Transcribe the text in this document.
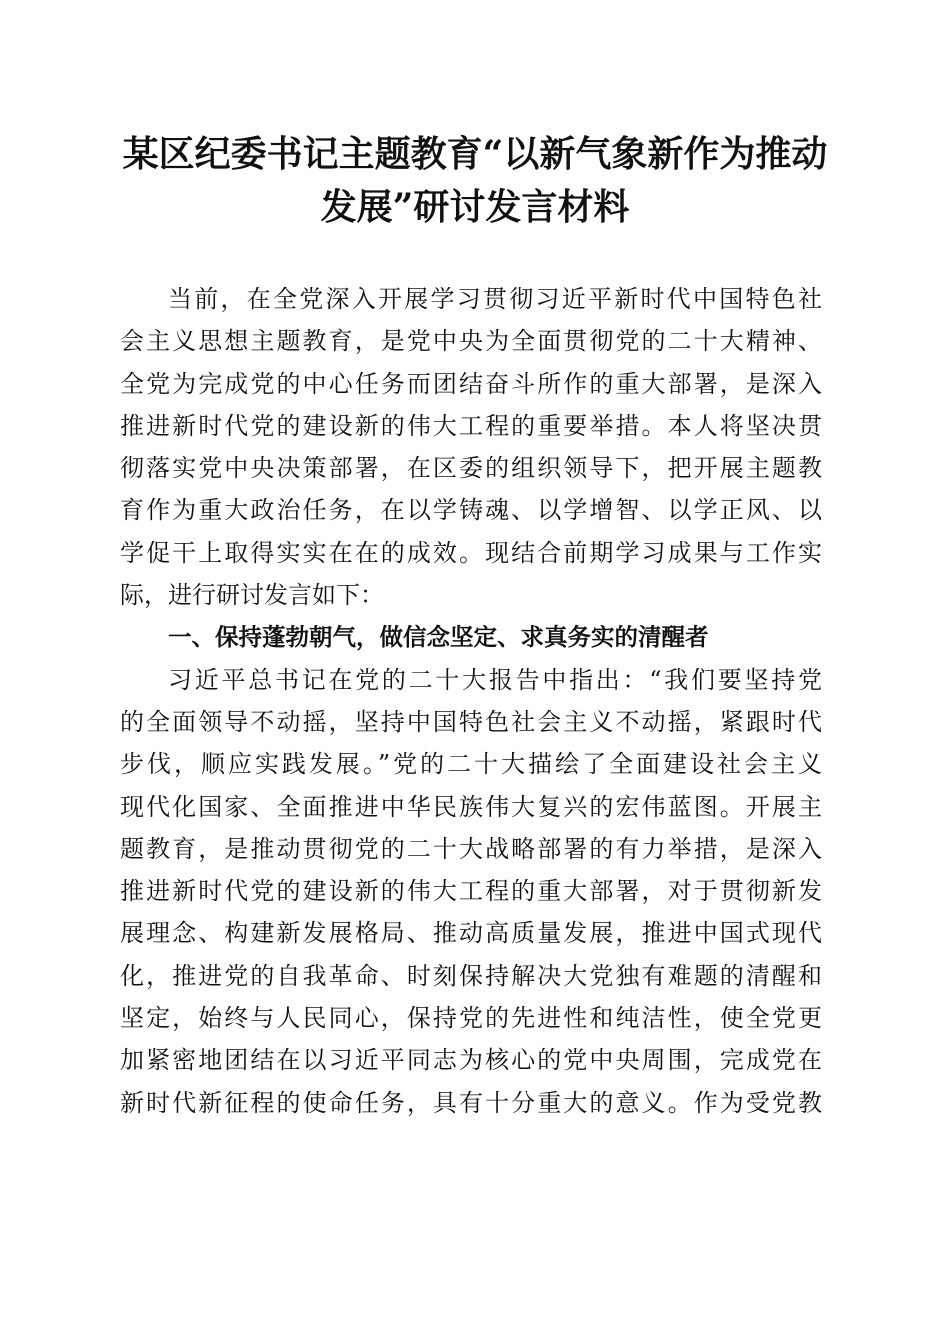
某区纪委书记主题教育“以新气象新作为推动
发展”研讨发言材料
当前，在全党深入开展学习贯彻习近平新时代中国特色社
会主义思想主题教育，是党中央为全面贯彻党的二十大精神、
全党为完成党的中心任务而团结奋斗所作的重大部署，是深入
推进新时代党的建设新的伟大工程的重要举措。本人将坚决贯
彻落实党中央决策部署，在区委的组织领导下，把开展主题教
育作为重大政治任务，在以学铸魂、以学增智、以学正风、以
学促干上取得实实在在的成效。现结合前期学习成果与工作实
际，进行研讨发言如下：
一、保持蓬勃朝气，做信念坚定、求真务实的清醒者
习近平总书记在党的二十大报告中指出：“我们要坚持党
的全面领导不动摇，坚持中国特色社会主义不动摇，紧跟时代
步伐，顺应实践发展。”党的二十大描绘了全面建设社会主义
现代化国家、全面推进中华民族伟大复兴的宏伟蓝图。开展主
题教育，是推动贯彻党的二十大战略部署的有力举措，是深入
推进新时代党的建设新的伟大工程的重大部署，对于贯彻新发
展理念、构建新发展格局、推动高质量发展，推进中国式现代
化，推进党的自我革命、时刻保持解决大党独有难题的清醒和
坚定，始终与人民同心，保持党的先进性和纯洁性，使全党更
加紧密地团结在以习近平同志为核心的党中央周围，完成党在
新时代新征程的使命任务，具有十分重大的意义。作为受党教
